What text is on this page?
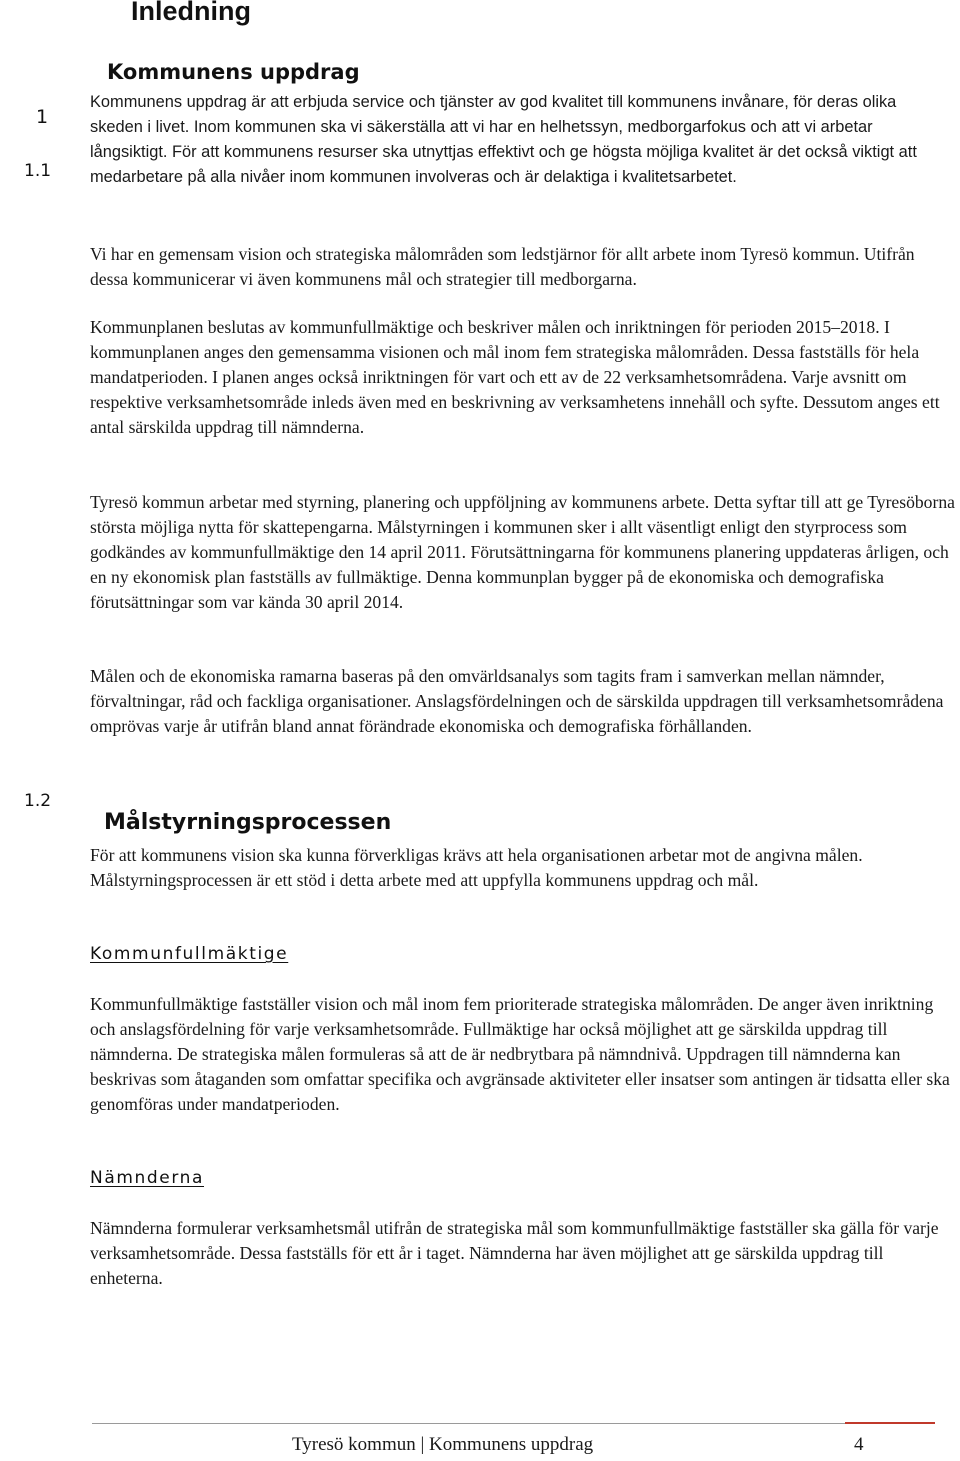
Inledning
1
1.1
Kommunens uppdrag

Kommunens uppdrag är att erbjuda service och tjänster av god kvalitet till kommunens invånare, för deras olika skeden i livet. Inom kommunen ska vi säkerställa att vi har en helhetssyn, medborgarfokus och att vi arbetar långsiktigt. För att kommunens resurser ska utnyttjas effektivt och ge högsta möjliga kvalitet är det också viktigt att medarbetare på alla nivåer inom kommunen involveras och är delaktiga i kvalitetsarbetet.

Vi har en gemensam vision och strategiska målområden som ledstjärnor för allt arbete inom Tyresö kommun. Utifrån dessa kommunicerar vi även kommunens mål och strategier till medborgarna.

Kommunplanen beslutas av kommunfullmäktige och beskriver målen och inriktningen för perioden 2015–2018. I kommunplanen anges den gemensamma visionen och mål inom fem strategiska målområden. Dessa fastställs för hela mandatperioden. I planen anges också inriktningen för vart och ett av de 22 verksamhetsområdena. Varje avsnitt om respektive verksamhetsområde inleds även med en beskrivning av verksamhetens innehåll och syfte. Dessutom anges ett antal särskilda uppdrag till nämnderna.

Tyresö kommun arbetar med styrning, planering och uppföljning av kommunens arbete. Detta syftar till att ge Tyresöborna största möjliga nytta för skattepengarna. Målstyrningen i kommunen sker i allt väsentligt enligt den styrprocess som godkändes av kommunfullmäktige den 14 april 2011. Förutsättningarna för kommunens planering uppdateras årligen, och en ny ekonomisk plan fastställs av fullmäktige. Denna kommunplan bygger på de ekonomiska och demografiska förutsättningar som var kända 30 april 2014.

Målen och de ekonomiska ramarna baseras på den omvärldsanalys som tagits fram i samverkan mellan nämnder, förvaltningar, råd och fackliga organisationer. Anslagsfördelningen och de särskilda uppdragen till verksamhetsområdena omprövas varje år utifrån bland annat förändrade ekonomiska och demografiska förhållanden.

1.2
Målstyrningsprocessen

För att kommunens vision ska kunna förverkligas krävs att hela organisationen arbetar mot de angivna målen. Målstyrningsprocessen är ett stöd i detta arbete med att uppfylla kommunens uppdrag och mål.

Kommunfullmäktige

Kommunfullmäktige fastställer vision och mål inom fem prioriterade strategiska målområden. De anger även inriktning och anslagsfördelning för varje verksamhetsområde. Fullmäktige har också möjlighet att ge särskilda uppdrag till nämnderna. De strategiska målen formuleras så att de är nedbrytbara på nämndnivå. Uppdragen till nämnderna kan beskrivas som åtaganden som omfattar specifika och avgränsade aktiviteter eller insatser som antingen är tidsatta eller ska genomföras under mandatperioden.

Nämnderna

Nämnderna formulerar verksamhetsmål utifrån de strategiska mål som kommunfullmäktige fastställer ska gälla för varje verksamhetsområde. Dessa fastställs för ett år i taget. Nämnderna har även möjlighet att ge särskilda uppdrag till enheterna.

Tyresö kommun | Kommunens uppdrag	4
